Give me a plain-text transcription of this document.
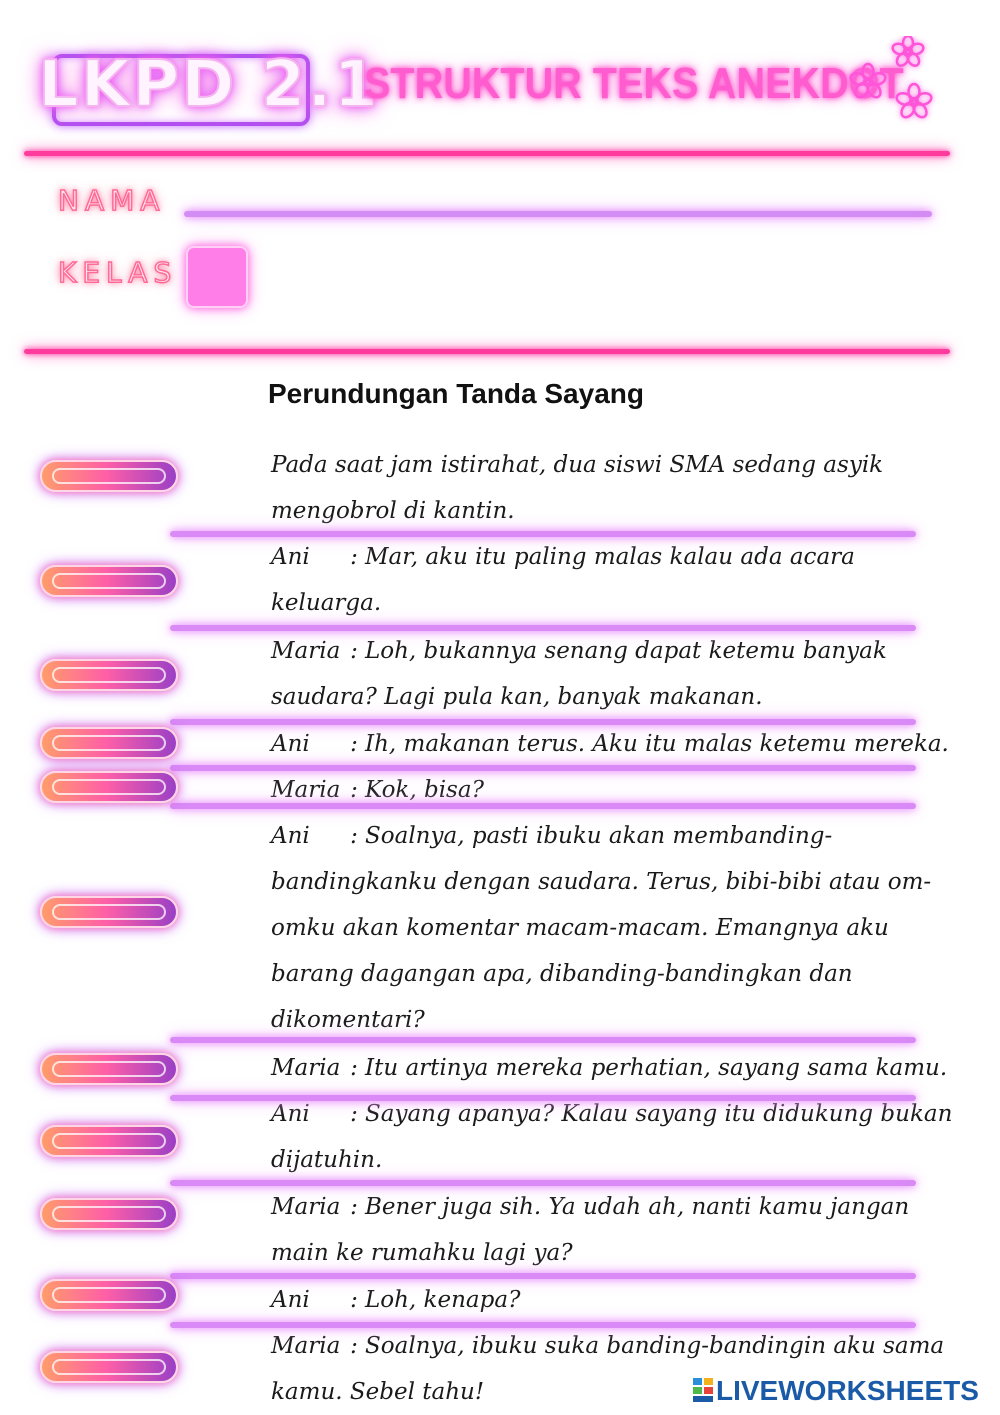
LKPD 2.1
STRUKTUR TEKS ANEKDOT
NAMA
KELAS
Perundungan Tanda Sayang
Pada saat jam istirahat, dua siswi SMA sedang asyik
mengobrol di kantin.
Ani : Mar, aku itu paling malas kalau ada acara
keluarga.
Maria : Loh, bukannya senang dapat ketemu banyak
saudara? Lagi pula kan, banyak makanan.
Ani : Ih, makanan terus. Aku itu malas ketemu mereka.
Maria : Kok, bisa?
Ani : Soalnya, pasti ibuku akan membanding-
bandingkanku dengan saudara. Terus, bibi-bibi atau om-
omku akan komentar macam-macam. Emangnya aku
barang dagangan apa, dibanding-bandingkan dan
dikomentari?
Maria : Itu artinya mereka perhatian, sayang sama kamu.
Ani : Sayang apanya? Kalau sayang itu didukung bukan
dijatuhin.
Maria : Bener juga sih. Ya udah ah, nanti kamu jangan
main ke rumahku lagi ya?
Ani : Loh, kenapa?
Maria : Soalnya, ibuku suka banding-bandingin aku sama
kamu. Sebel tahu!	LIVEWORKSHEETS
